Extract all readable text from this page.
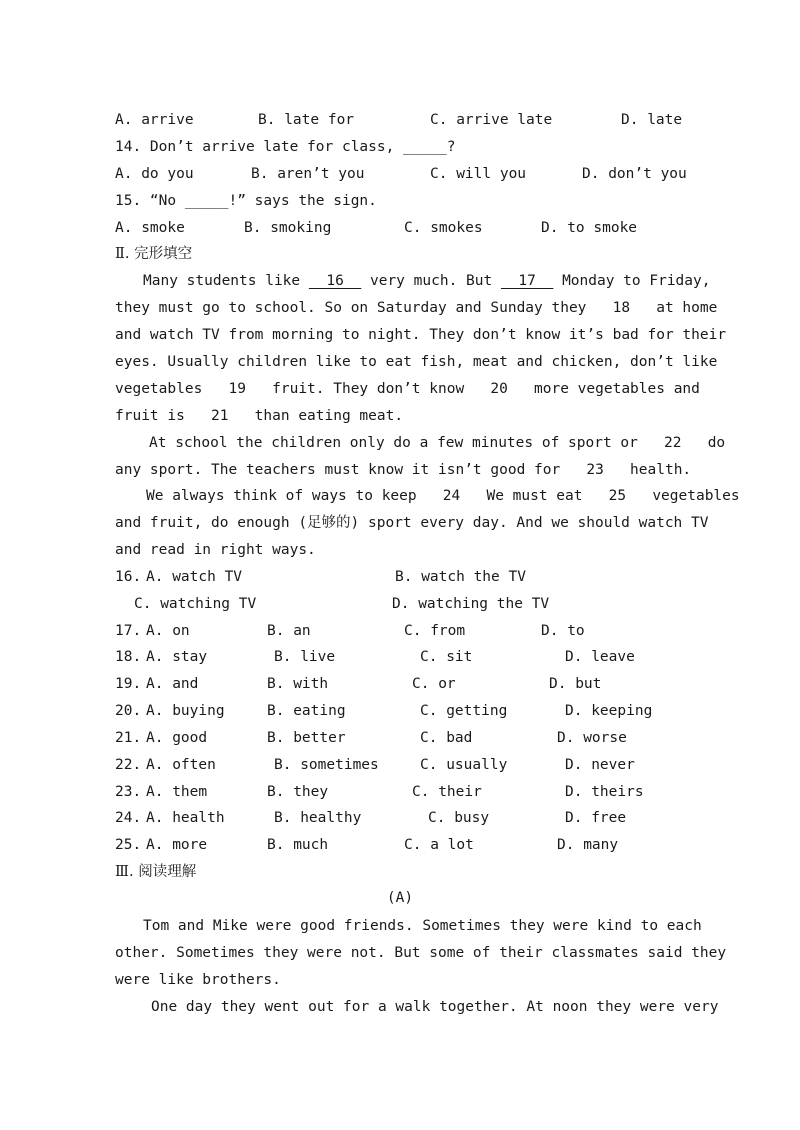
A. arrive	B. late for	C. arrive late	D. late
14. Don’t arrive late for class, _____?
A. do you	B. aren’t you	C. will you	D. don’t you
15. “No _____!” says the sign.
A. smoke	B. smoking	C. smokes	D. to smoke
Ⅱ. 完形填空
Many students like   16   very much. But   17   Monday to Friday,
they must go to school. So on Saturday and Sunday they   18   at home
and watch TV from morning to night. They don’t know it’s bad for their
eyes. Usually children like to eat fish, meat and chicken, don’t like
vegetables   19   fruit. They don’t know   20   more vegetables and
fruit is   21   than eating meat.
At school the children only do a few minutes of sport or   22   do
any sport. The teachers must know it isn’t good for   23   health.
We always think of ways to keep   24   We must eat   25   vegetables
and fruit, do enough (足够的) sport every day. And we should watch TV
and read in right ways.
16. A. watch TV	B. watch the TV
C. watching TV	D. watching the TV
17. A. on	B. an	C. from	D. to
18. A. stay	B. live	C. sit	D. leave
19. A. and	B. with	C. or	D. but
20. A. buying	B. eating	C. getting	D. keeping
21. A. good	B. better	C. bad	D. worse
22. A. often	B. sometimes	C. usually	D. never
23. A. them	B. they	C. their	D. theirs
24. A. health	B. healthy	C. busy	D. free
25. A. more	B. much	C. a lot	D. many
Ⅲ. 阅读理解
(A)
Tom and Mike were good friends. Sometimes they were kind to each
other. Sometimes they were not. But some of their classmates said they
were like brothers.
One day they went out for a walk together. At noon they were very
